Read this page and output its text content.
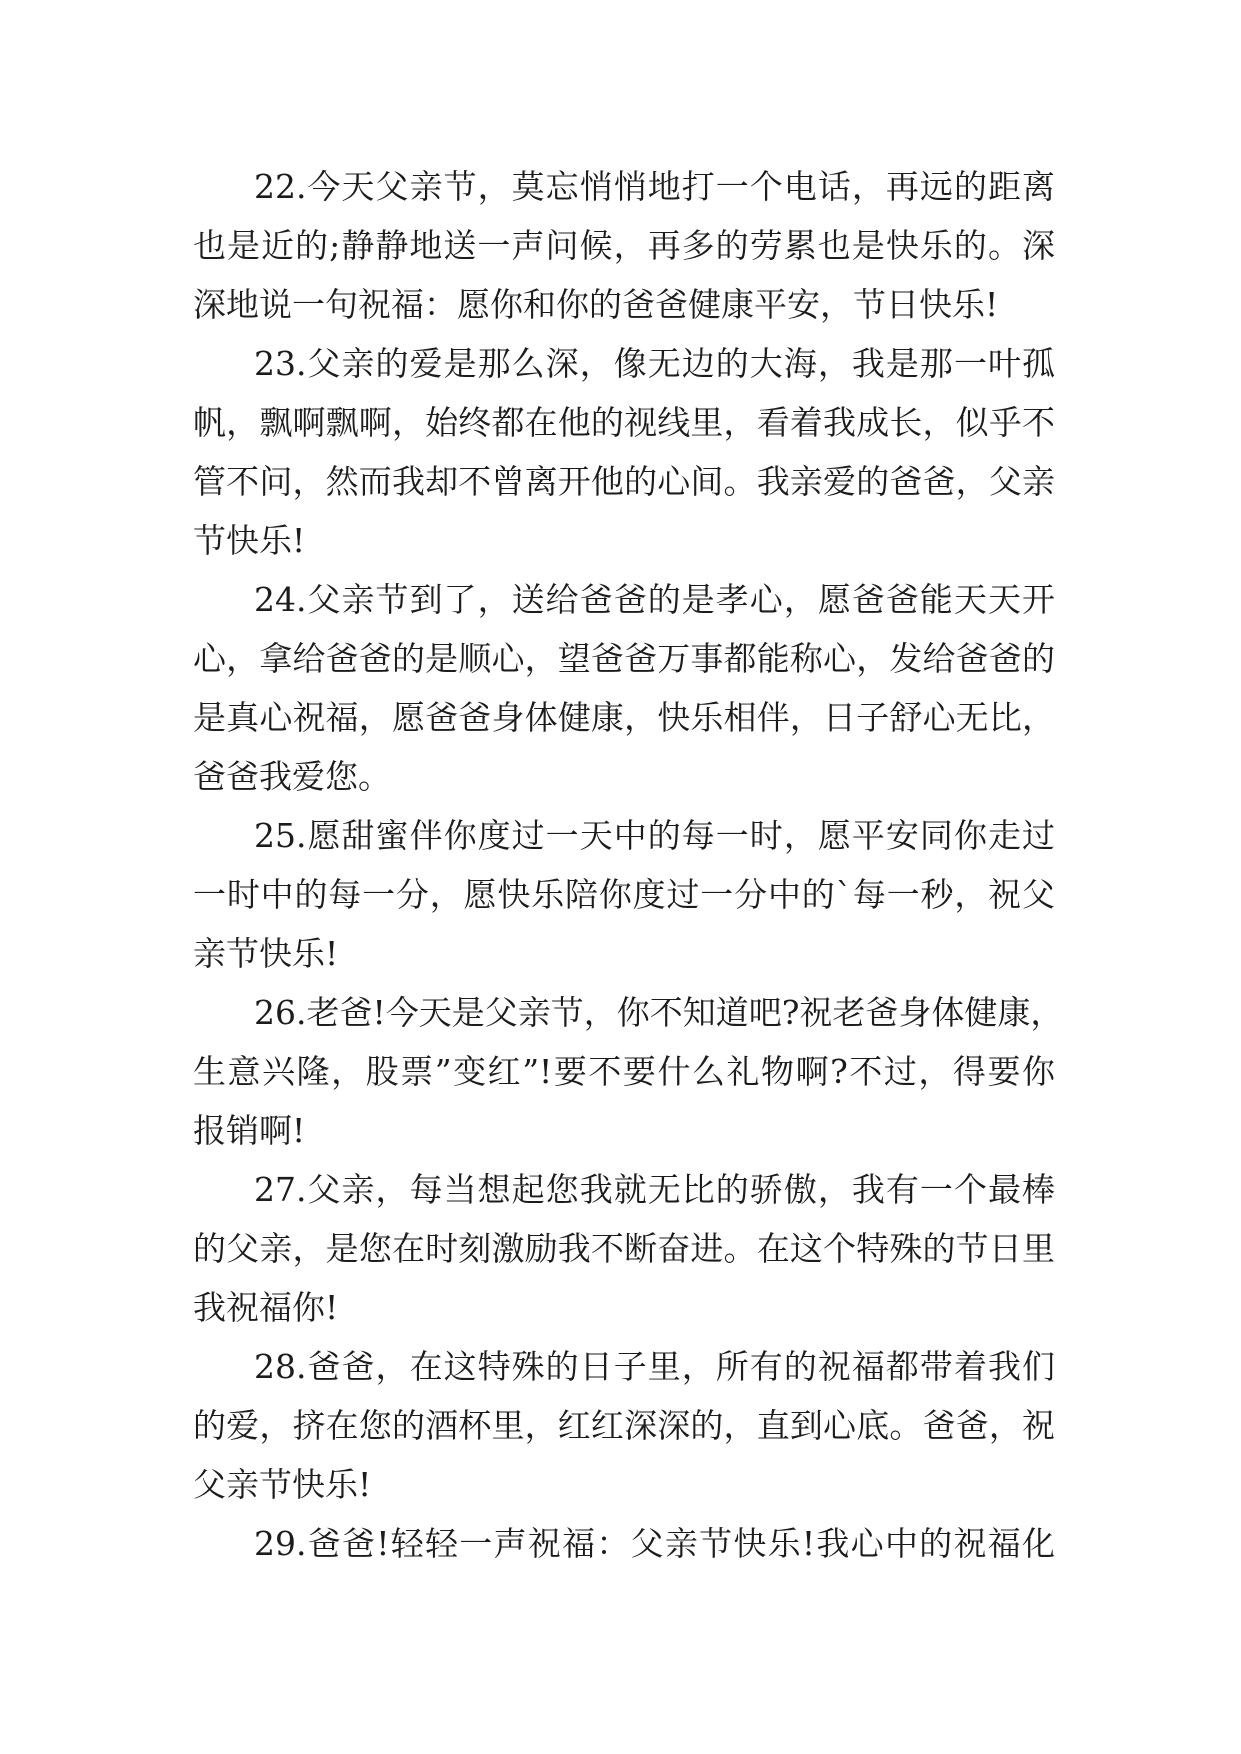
22.今天父亲节，莫忘悄悄地打一个电话，再远的距离
也是近的;静静地送一声问候，再多的劳累也是快乐的。深
深地说一句祝福：愿你和你的爸爸健康平安，节日快乐!
23.父亲的爱是那么深，像无边的大海，我是那一叶孤
帆，飘啊飘啊，始终都在他的视线里，看着我成长，似乎不
管不问，然而我却不曾离开他的心间。我亲爱的爸爸，父亲
节快乐!
24.父亲节到了，送给爸爸的是孝心，愿爸爸能天天开
心，拿给爸爸的是顺心，望爸爸万事都能称心，发给爸爸的
是真心祝福，愿爸爸身体健康，快乐相伴，日子舒心无比，
爸爸我爱您。
25.愿甜蜜伴你度过一天中的每一时，愿平安同你走过
一时中的每一分，愿快乐陪你度过一分中的`每一秒，祝父
亲节快乐!
26.老爸!今天是父亲节，你不知道吧?祝老爸身体健康，
生意兴隆，股票”变红”!要不要什么礼物啊?不过，得要你
报销啊!
27.父亲，每当想起您我就无比的骄傲，我有一个最棒
的父亲，是您在时刻激励我不断奋进。在这个特殊的节日里
我祝福你!
28.爸爸，在这特殊的日子里，所有的祝福都带着我们
的爱，挤在您的酒杯里，红红深深的，直到心底。爸爸，祝
父亲节快乐!
29.爸爸!轻轻一声祝福：父亲节快乐!我心中的祝福化
